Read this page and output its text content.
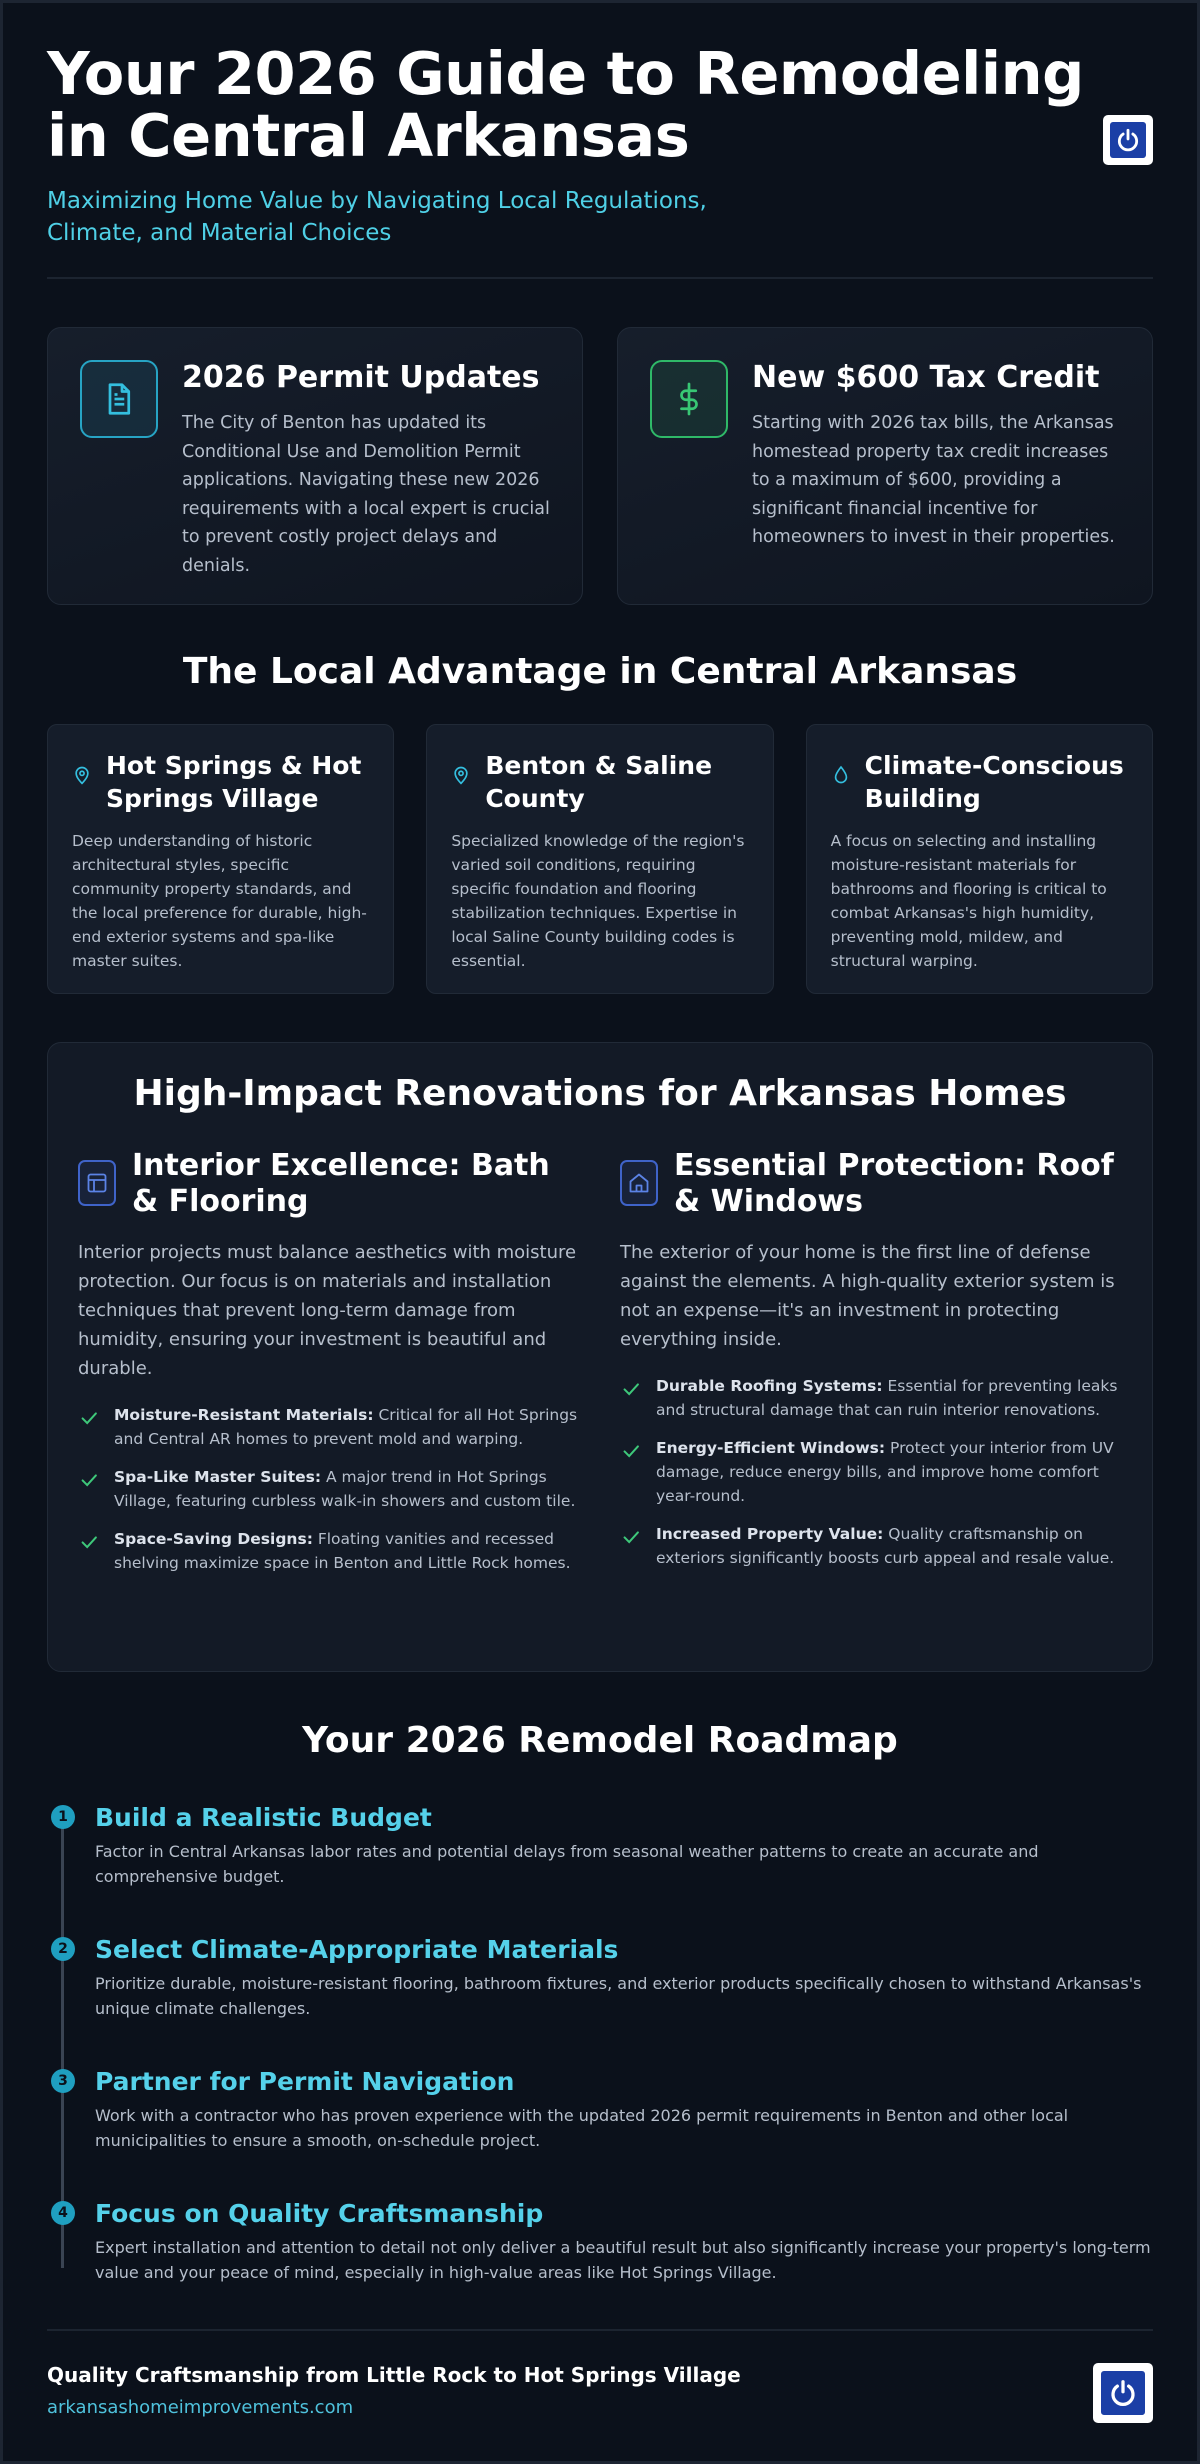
Your 2026 Guide to Remodeling in Central Arkansas
Maximizing Home Value by Navigating Local Regulations, Climate, and Material Choices
2026 Permit Updates

The City of Benton has updated its Conditional Use and Demolition Permit applications. Navigating these new 2026 requirements with a local expert is crucial to prevent costly project delays and denials.

New $600 Tax Credit

Starting with 2026 tax bills, the Arkansas homestead property tax credit increases to a maximum of $600, providing a significant financial incentive for homeowners to invest in their properties.

The Local Advantage in Central Arkansas
Hot Springs & Hot Springs Village

Deep understanding of historic architectural styles, specific community property standards, and the local preference for durable, high-end exterior systems and spa-like master suites.

Benton & Saline County

Specialized knowledge of the region's varied soil conditions, requiring specific foundation and flooring stabilization techniques. Expertise in local Saline County building codes is essential.

Climate-Conscious Building

A focus on selecting and installing moisture-resistant materials for bathrooms and flooring is critical to combat Arkansas's high humidity, preventing mold, mildew, and structural warping.

High-Impact Renovations for Arkansas Homes
Interior Excellence: Bath & Flooring

Interior projects must balance aesthetics with moisture protection. Our focus is on materials and installation techniques that prevent long-term damage from humidity, ensuring your investment is beautiful and durable.

Moisture-Resistant Materials: Critical for all Hot Springs and Central AR homes to prevent mold and warping.
Spa-Like Master Suites: A major trend in Hot Springs Village, featuring curbless walk-in showers and custom tile.
Space-Saving Designs: Floating vanities and recessed shelving maximize space in Benton and Little Rock homes.
Essential Protection: Roof & Windows

The exterior of your home is the first line of defense against the elements. A high-quality exterior system is not an expense—it's an investment in protecting everything inside.

Durable Roofing Systems: Essential for preventing leaks and structural damage that can ruin interior renovations.
Energy-Efficient Windows: Protect your interior from UV damage, reduce energy bills, and improve home comfort year-round.
Increased Property Value: Quality craftsmanship on exteriors significantly boosts curb appeal and resale value.
Your 2026 Remodel Roadmap
1 Build a Realistic Budget

Factor in Central Arkansas labor rates and potential delays from seasonal weather patterns to create an accurate and comprehensive budget.

2 Select Climate-Appropriate Materials

Prioritize durable, moisture-resistant flooring, bathroom fixtures, and exterior products specifically chosen to withstand Arkansas's unique climate challenges.

3 Partner for Permit Navigation

Work with a contractor who has proven experience with the updated 2026 permit requirements in Benton and other local municipalities to ensure a smooth, on-schedule project.

4 Focus on Quality Craftsmanship

Expert installation and attention to detail not only deliver a beautiful result but also significantly increase your property's long-term value and your peace of mind, especially in high-value areas like Hot Springs Village.

Quality Craftsmanship from Little Rock to Hot Springs Village
arkansashomeimprovements.com
